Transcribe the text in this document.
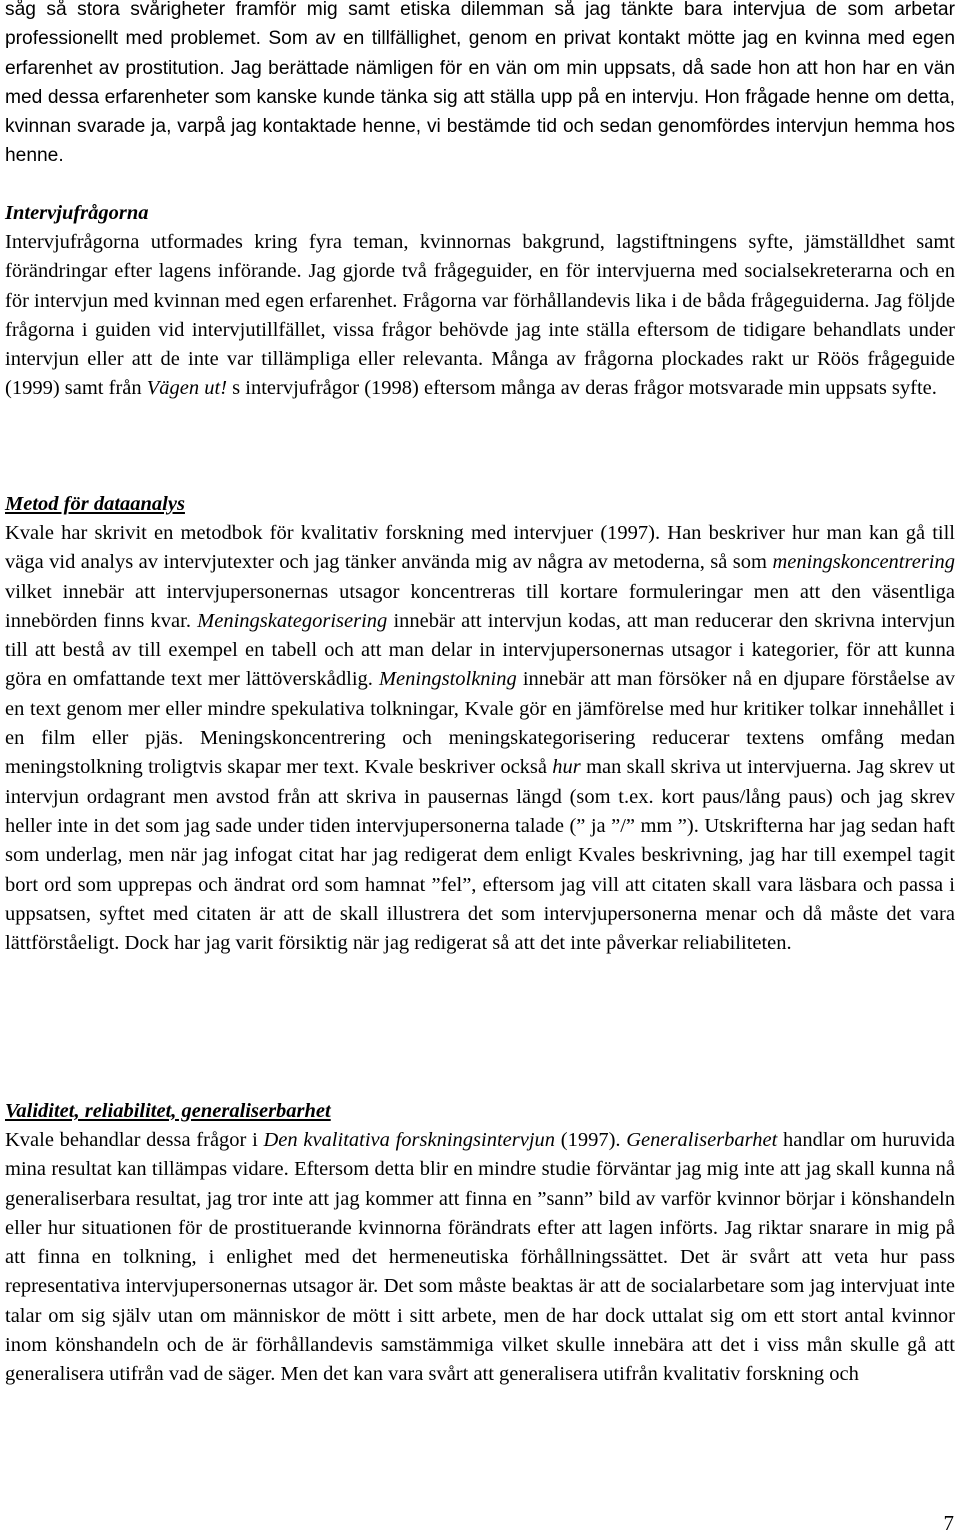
såg så stora svårigheter framför mig samt etiska dilemman så jag tänkte bara intervjua de som arbetar professionellt med problemet. Som av en tillfällighet, genom en privat kontakt mötte jag en kvinna med egen erfarenhet av prostitution. Jag berättade nämligen för en vän om min uppsats, då sade hon att hon har en vän med dessa erfarenheter som kanske kunde tänka sig att ställa upp på en intervju. Hon frågade henne om detta, kvinnan svarade ja, varpå jag kontaktade henne, vi bestämde tid och sedan genomfördes intervjun hemma hos henne.

Intervjufrågorna

Intervjufrågorna utformades kring fyra teman, kvinnornas bakgrund, lagstiftningens syfte, jämställdhet samt förändringar efter lagens införande. Jag gjorde två frågeguider, en för intervjuerna med socialsekreterarna och en för intervjun med kvinnan med egen erfarenhet. Frågorna var förhållandevis lika i de båda frågeguiderna. Jag följde frågorna i guiden vid intervjutillfället, vissa frågor behövde jag inte ställa eftersom de tidigare behandlats under intervjun eller att de inte var tillämpliga eller relevanta. Många av frågorna plockades rakt ur Röös frågeguide (1999) samt från Vägen ut! s intervjufrågor (1998) eftersom många av deras frågor motsvarade min uppsats syfte.

Metod för dataanalys

Kvale har skrivit en metodbok för kvalitativ forskning med intervjuer (1997). Han beskriver hur man kan gå till väga vid analys av intervjutexter och jag tänker använda mig av några av metoderna, så som meningskoncentrering vilket innebär att intervjupersonernas utsagor koncentreras till kortare formuleringar men att den väsentliga innebörden finns kvar. Meningskategorisering innebär att intervjun kodas, att man reducerar den skrivna intervjun till att bestå av till exempel en tabell och att man delar in intervjupersonernas utsagor i kategorier, för att kunna göra en omfattande text mer lättöverskådlig. Meningstolkning innebär att man försöker nå en djupare förståelse av en text genom mer eller mindre spekulativa tolkningar, Kvale gör en jämförelse med hur kritiker tolkar innehållet i en film eller pjäs. Meningskoncentrering och meningskategorisering reducerar textens omfång medan meningstolkning troligtvis skapar mer text. Kvale beskriver också hur man skall skriva ut intervjuerna. Jag skrev ut intervjun ordagrant men avstod från att skriva in pausernas längd (som t.ex. kort paus/lång paus) och jag skrev heller inte in det som jag sade under tiden intervjupersonerna talade (” ja ”/” mm ”). Utskrifterna har jag sedan haft som underlag, men när jag infogat citat har jag redigerat dem enligt Kvales beskrivning, jag har till exempel tagit bort ord som upprepas och ändrat ord som hamnat ”fel”, eftersom jag vill att citaten skall vara läsbara och passa i uppsatsen, syftet med citaten är att de skall illustrera det som intervjupersonerna menar och då måste det vara lättförståeligt. Dock har jag varit försiktig när jag redigerat så att det inte påverkar reliabiliteten.

Validitet, reliabilitet, generaliserbarhet

Kvale behandlar dessa frågor i Den kvalitativa forskningsintervjun (1997). Generaliserbarhet handlar om huruvida mina resultat kan tillämpas vidare. Eftersom detta blir en mindre studie förväntar jag mig inte att jag skall kunna nå generaliserbara resultat, jag tror inte att jag kommer att finna en ”sann” bild av varför kvinnor börjar i könshandeln eller hur situationen för de prostituerande kvinnorna förändrats efter att lagen införts. Jag riktar snarare in mig på att finna en tolkning, i enlighet med det hermeneutiska förhållningssättet. Det är svårt att veta hur pass representativa intervjupersonernas utsagor är. Det som måste beaktas är att de socialarbetare som jag intervjuat inte talar om sig själv utan om människor de mött i sitt arbete, men de har dock uttalat sig om ett stort antal kvinnor inom könshandeln och de är förhållandevis samstämmiga vilket skulle innebära att det i viss mån skulle gå att generalisera utifrån vad de säger. Men det kan vara svårt att generalisera utifrån kvalitativ forskning och

7
